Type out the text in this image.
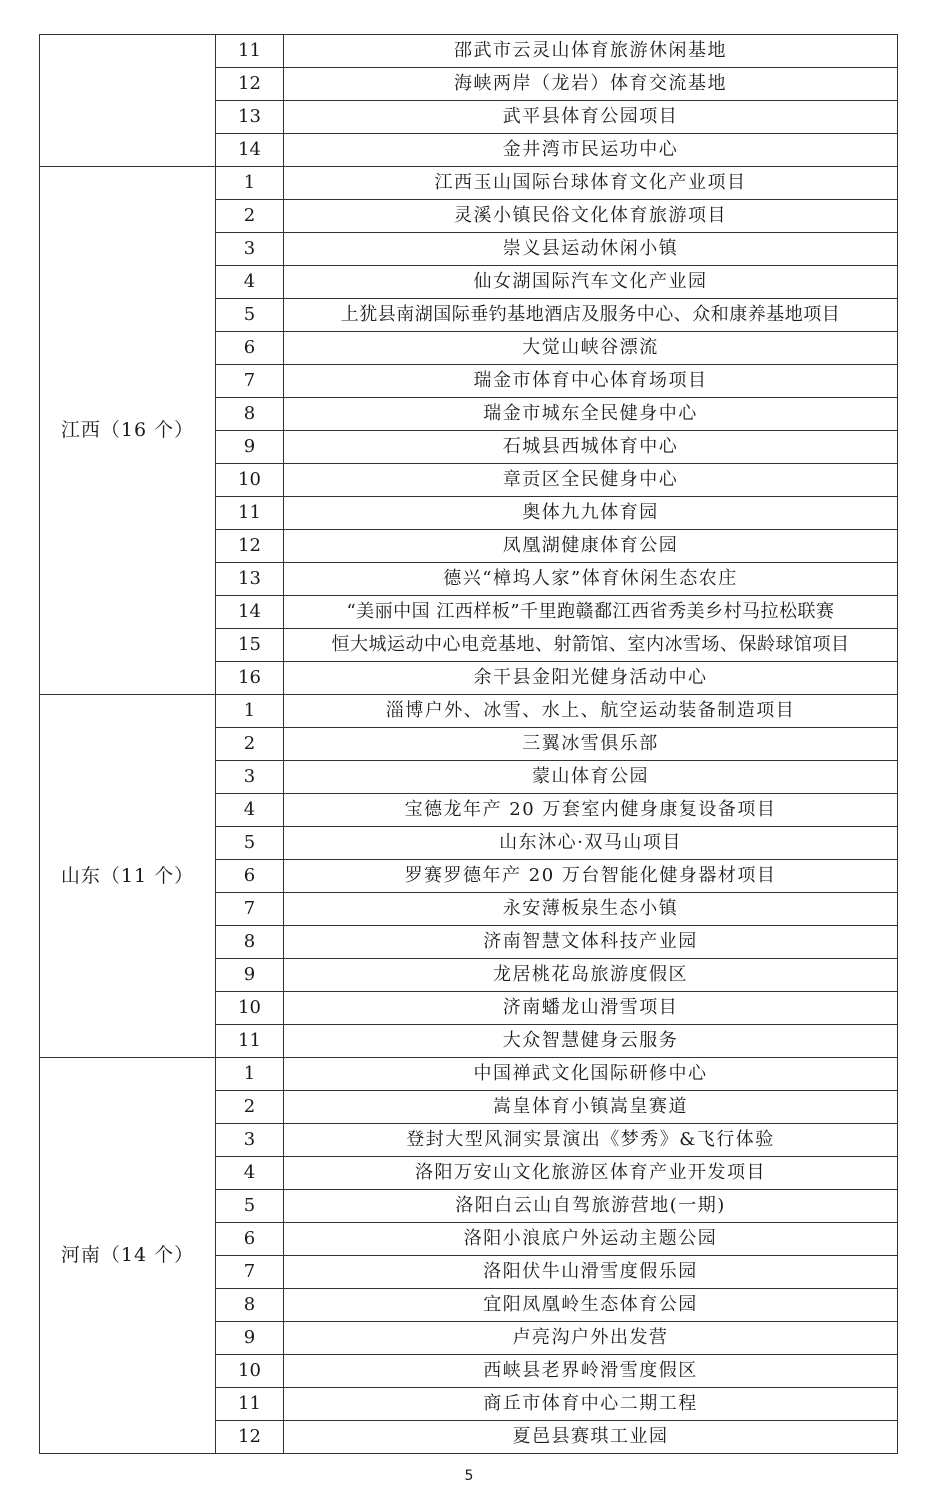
	11	邵武市云灵山体育旅游休闲基地
	12	海峡两岸（龙岩）体育交流基地
	13	武平县体育公园项目
	14	金井湾市民运功中心
江西（16 个）	1	江西玉山国际台球体育文化产业项目
	2	灵溪小镇民俗文化体育旅游项目
	3	崇义县运动休闲小镇
	4	仙女湖国际汽车文化产业园
	5	上犹县南湖国际垂钓基地酒店及服务中心、众和康养基地项目
	6	大觉山峡谷漂流
	7	瑞金市体育中心体育场项目
	8	瑞金市城东全民健身中心
	9	石城县西城体育中心
	10	章贡区全民健身中心
	11	奥体九九体育园
	12	凤凰湖健康体育公园
	13	德兴“樟坞人家”体育休闲生态农庄
	14	“美丽中国 江西样板”千里跑赣鄱江西省秀美乡村马拉松联赛
	15	恒大城运动中心电竞基地、射箭馆、室内冰雪场、保龄球馆项目
	16	余干县金阳光健身活动中心
山东（11 个）	1	淄博户外、冰雪、水上、航空运动装备制造项目
	2	三翼冰雪俱乐部
	3	蒙山体育公园
	4	宝德龙年产 20 万套室内健身康复设备项目
	5	山东沐心·双马山项目
	6	罗赛罗德年产 20 万台智能化健身器材项目
	7	永安薄板泉生态小镇
	8	济南智慧文体科技产业园
	9	龙居桃花岛旅游度假区
	10	济南蟠龙山滑雪项目
	11	大众智慧健身云服务
河南（14 个）	1	中国禅武文化国际研修中心
	2	嵩皇体育小镇嵩皇赛道
	3	登封大型风洞实景演出《梦秀》&飞行体验
	4	洛阳万安山文化旅游区体育产业开发项目
	5	洛阳白云山自驾旅游营地(一期)
	6	洛阳小浪底户外运动主题公园
	7	洛阳伏牛山滑雪度假乐园
	8	宜阳凤凰岭生态体育公园
	9	卢亮沟户外出发营
	10	西峡县老界岭滑雪度假区
	11	商丘市体育中心二期工程
	12	夏邑县赛琪工业园
5
